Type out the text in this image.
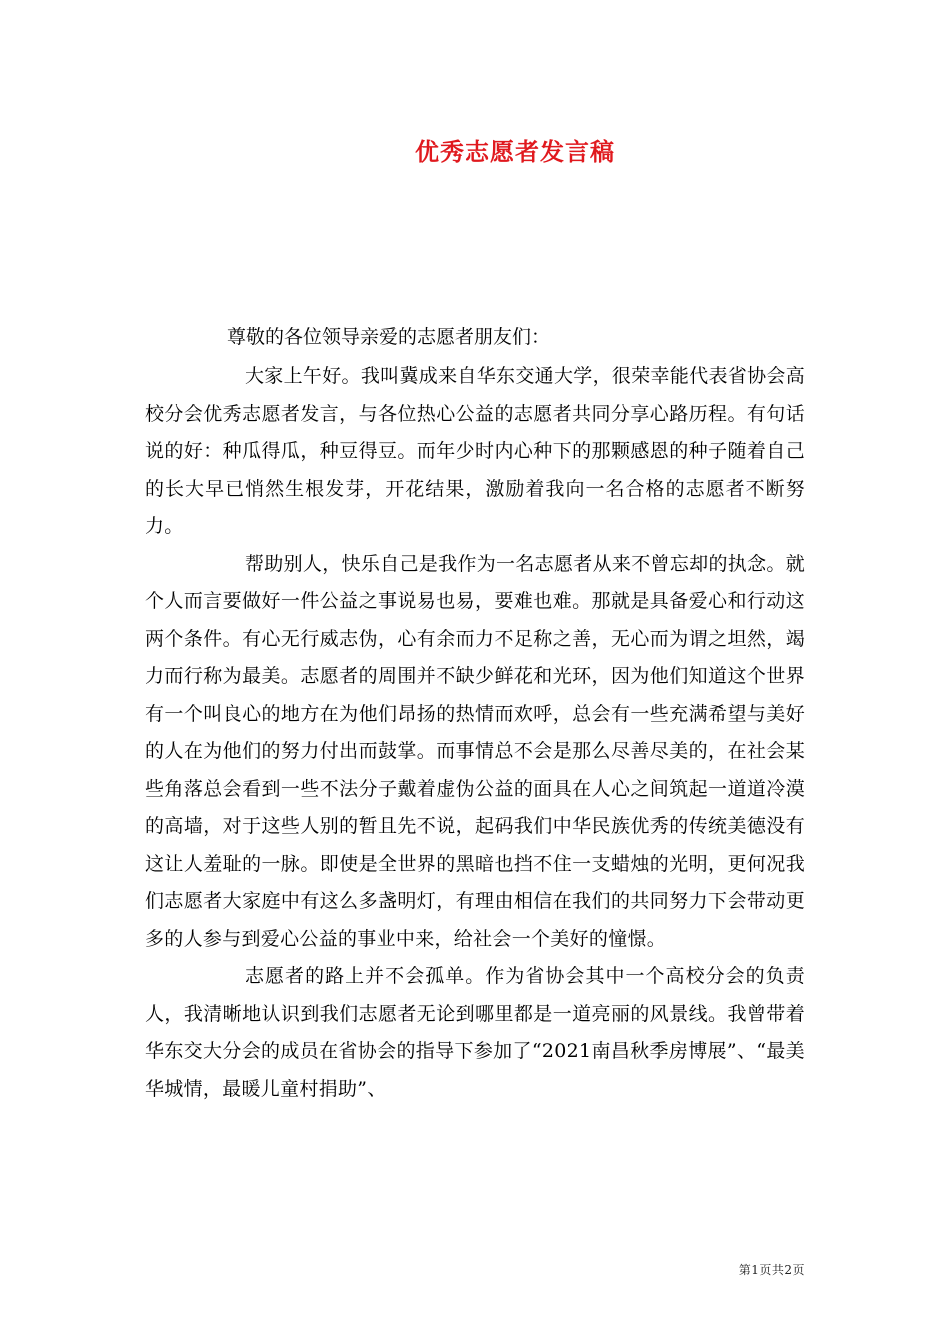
优秀志愿者发言稿

尊敬的各位领导亲爱的志愿者朋友们：

大家上午好。我叫冀成来自华东交通大学，很荣幸能代表省协会高校分会优秀志愿者发言，与各位热心公益的志愿者共同分享心路历程。有句话说的好：种瓜得瓜，种豆得豆。而年少时内心种下的那颗感恩的种子随着自己的长大早已悄然生根发芽，开花结果，激励着我向一名合格的志愿者不断努力。

帮助别人，快乐自己是我作为一名志愿者从来不曾忘却的执念。就个人而言要做好一件公益之事说易也易，要难也难。那就是具备爱心和行动这两个条件。有心无行威志伪，心有余而力不足称之善，无心而为谓之坦然，竭力而行称为最美。志愿者的周围并不缺少鲜花和光环，因为他们知道这个世界有一个叫良心的地方在为他们昂扬的热情而欢呼，总会有一些充满希望与美好的人在为他们的努力付出而鼓掌。而事情总不会是那么尽善尽美的，在社会某些角落总会看到一些不法分子戴着虚伪公益的面具在人心之间筑起一道道冷漠的高墙，对于这些人别的暂且先不说，起码我们中华民族优秀的传统美德没有这让人羞耻的一脉。即使是全世界的黑暗也挡不住一支蜡烛的光明，更何况我们志愿者大家庭中有这么多盏明灯，有理由相信在我们的共同努力下会带动更多的人参与到爱心公益的事业中来，给社会一个美好的憧憬。

志愿者的路上并不会孤单。作为省协会其中一个高校分会的负责人，我清晰地认识到我们志愿者无论到哪里都是一道亮丽的风景线。我曾带着华东交大分会的成员在省协会的指导下参加了“2021南昌秋季房博展”、“最美华城情，最暖儿童村捐助”、

第1页共2页
